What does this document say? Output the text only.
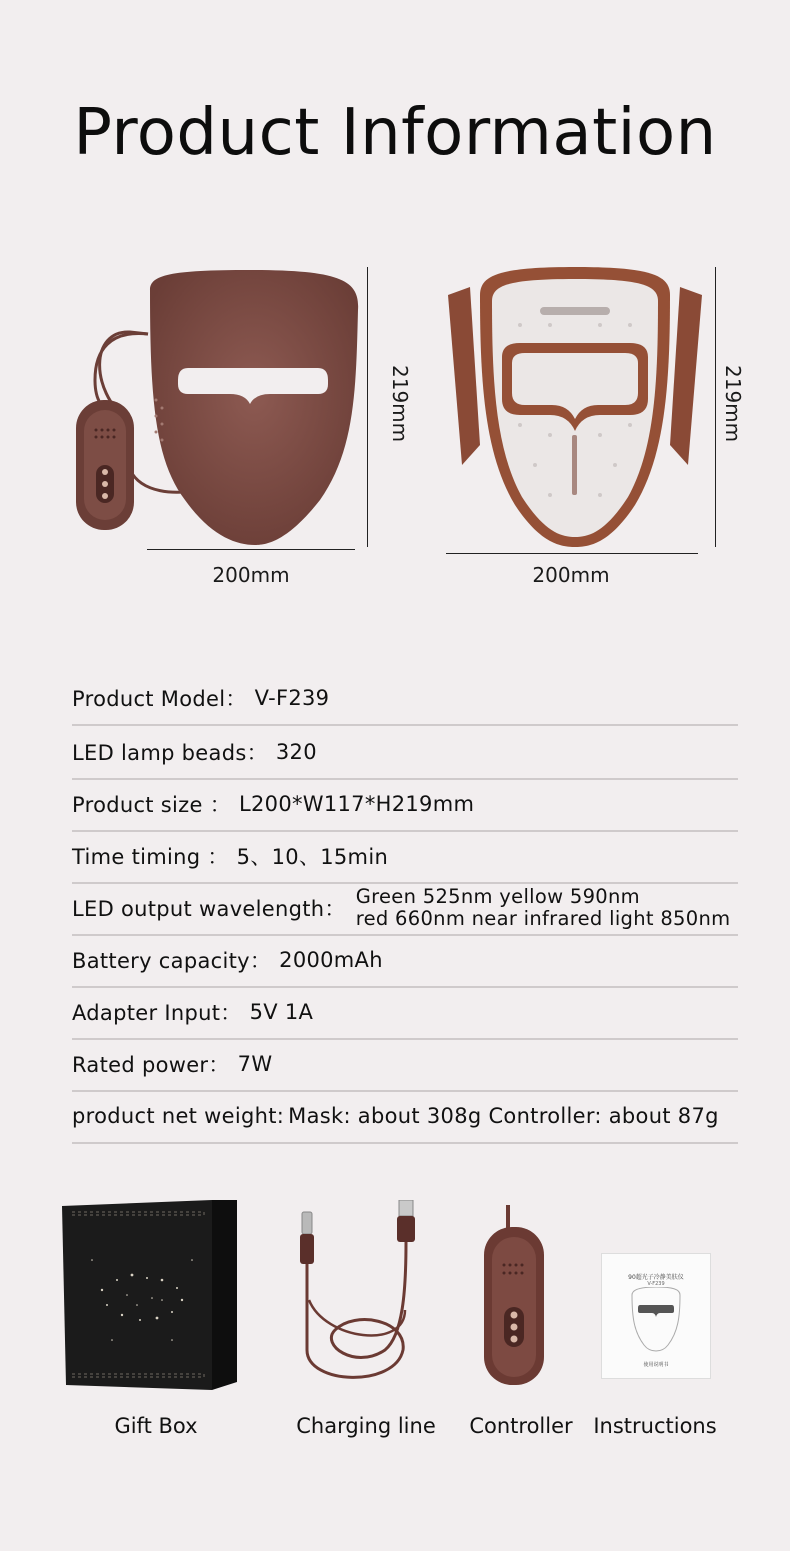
Product Information
200mm
219mm
200mm
219mm
Product Model： V-F239
LED lamp beads： 320
Product size ： L200*W117*H219mm
Time timing ： 5、10、15min
LED output wavelength：
Green 525nm yellow 590nm
red 660nm near infrared light 850nm
Battery capacity： 2000mAh
Adapter Input： 5V 1A
Rated power： 7W
product net weight: Mask: about 308g Controller: about 87g
Gift Box	Charging line	Controller
90超光子冷静美肤仪
V-F239
使用说明书
Instructions
